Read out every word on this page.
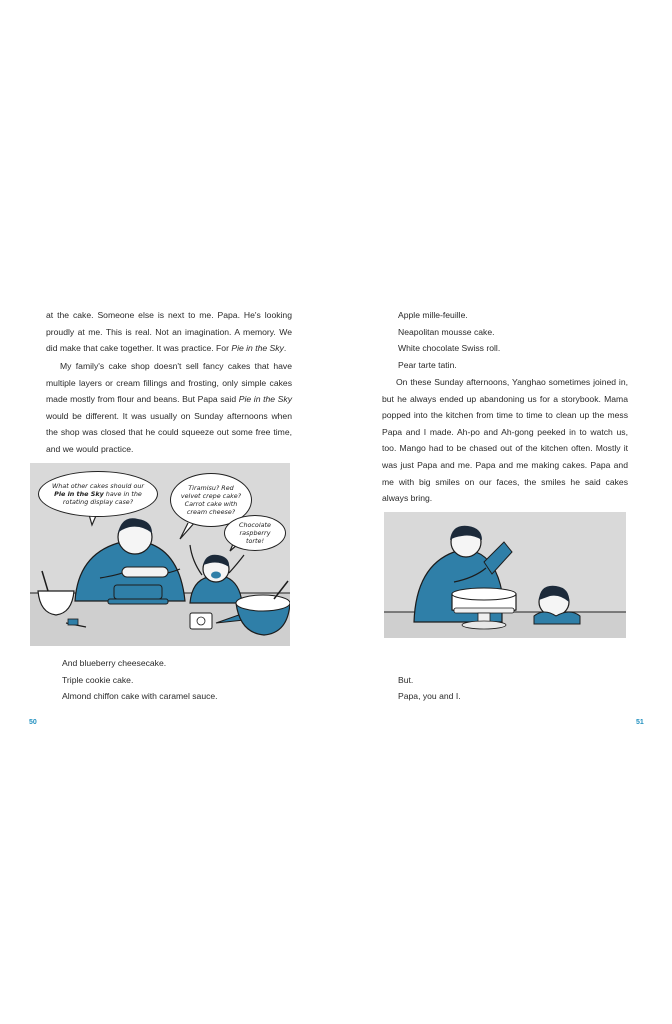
at the cake. Someone else is next to me. Papa. He's looking proudly at me. This is real. Not an imagination. A memory. We did make that cake together. It was practice. For Pie in the Sky.

My family's cake shop doesn't sell fancy cakes that have multiple layers or cream fillings and frosting, only simple cakes made mostly from flour and beans. But Papa said Pie in the Sky would be different. It was usually on Sunday afternoons when the shop was closed that he could squeeze out some free time, and we would practice.

What other cakes should our Pie in the Sky have in the rotating display case?
Tiramisu? Red velvet crepe cake? Carrot cake with cream cheese?
Chocolate raspberry torte!

And blueberry cheesecake.

Triple cookie cake.

Almond chiffon cake with caramel sauce.

50

Apple mille-feuille.

Neapolitan mousse cake.

White chocolate Swiss roll.

Pear tarte tatin.

On these Sunday afternoons, Yanghao sometimes joined in, but he always ended up abandoning us for a storybook. Mama popped into the kitchen from time to time to clean up the mess Papa and I made. Ah-po and Ah-gong peeked in to watch us, too. Mango had to be chased out of the kitchen often. Mostly it was just Papa and me. Papa and me making cakes. Papa and me with big smiles on our faces, the smiles he said cakes always bring.

But.

Papa, you and I.

51
